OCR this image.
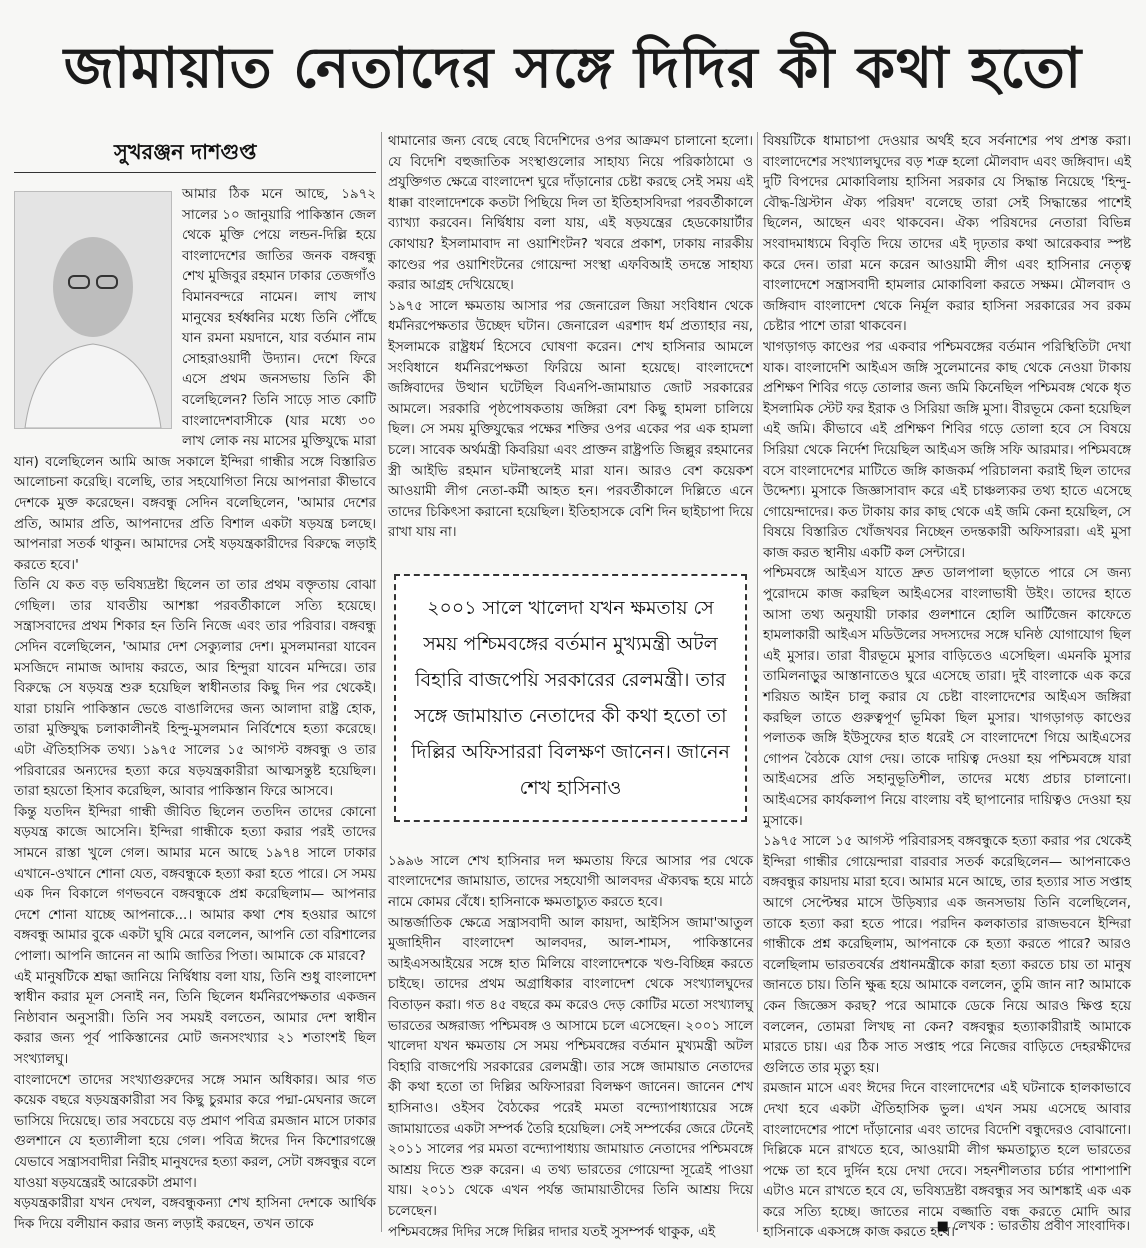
জামায়াত নেতাদের সঙ্গে দিদির কী কথা হতো
সুখরঞ্জন দাশগুপ্ত

আমার ঠিক মনে আছে, ১৯৭২ সালের ১০ জানুয়ারি পাকিস্তান জেল থেকে মুক্তি পেয়ে লন্ডন-দিল্লি হয়ে বাংলাদেশের জাতির জনক বঙ্গবন্ধু শেখ মুজিবুর রহমান ঢাকার তেজগাঁও বিমানবন্দরে নামেন। লাখ লাখ মানুষের হর্ষধ্বনির মধ্যে তিনি পৌঁছে যান রমনা ময়দানে, যার বর্তমান নাম সোহরাওয়ার্দী উদ্যান। দেশে ফিরে এসে প্রথম জনসভায় তিনি কী বলেছিলেন? তিনি সাড়ে সাত কোটি বাংলাদেশবাসীকে (যার মধ্যে ৩০ লাখ লোক নয় মাসের মুক্তিযুদ্ধে মারা যান) বলেছিলেন আমি আজ সকালে ইন্দিরা গান্ধীর সঙ্গে বিস্তারিত আলোচনা করেছি। বলেছি, তার সহযোগিতা নিয়ে আপনারা কীভাবে দেশকে মুক্ত করেছেন। বঙ্গবন্ধু সেদিন বলেছিলেন, 'আমার দেশের প্রতি, আমার প্রতি, আপনাদের প্রতি বিশাল একটা ষড়যন্ত্র চলছে। আপনারা সতর্ক থাকুন। আমাদের সেই ষড়যন্ত্রকারীদের বিরুদ্ধে লড়াই করতে হবে।'

তিনি যে কত বড় ভবিষ্যদ্রষ্টা ছিলেন তা তার প্রথম বক্তৃতায় বোঝা গেছিল। তার যাবতীয় আশঙ্কা পরবর্তীকালে সত্যি হয়েছে। সন্ত্রাসবাদের প্রথম শিকার হন তিনি নিজে এবং তার পরিবার। বঙ্গবন্ধু সেদিন বলেছিলেন, 'আমার দেশ সেক্যুলার দেশ। মুসলমানরা যাবেন মসজিদে নামাজ আদায় করতে, আর হিন্দুরা যাবেন মন্দিরে। তার বিরুদ্ধে সে ষড়যন্ত্র শুরু হয়েছিল স্বাধীনতার কিছু দিন পর থেকেই। যারা চায়নি পাকিস্তান ভেঙে বাঙালিদের জন্য আলাদা রাষ্ট্র হোক, তারা মুক্তিযুদ্ধ চলাকালীনই হিন্দু-মুসলমান নির্বিশেষে হত্যা করেছে। এটা ঐতিহাসিক তথ্য। ১৯৭৫ সালের ১৫ আগস্ট বঙ্গবন্ধু ও তার পরিবারের অন্যদের হত্যা করে ষড়যন্ত্রকারীরা আত্মসন্তুষ্ট হয়েছিল। তারা হয়তো হিসাব করেছিল, আবার পাকিস্তান ফিরে আসবে।

কিন্তু যতদিন ইন্দিরা গান্ধী জীবিত ছিলেন ততদিন তাদের কোনো ষড়যন্ত্র কাজে আসেনি। ইন্দিরা গান্ধীকে হত্যা করার পরই তাদের সামনে রাস্তা খুলে গেল। আমার মনে আছে ১৯৭৪ সালে ঢাকার এখানে-ওখানে শোনা যেত, বঙ্গবন্ধুকে হত্যা করা হতে পারে। সে সময় এক দিন বিকালে গণভবনে বঙ্গবন্ধুকে প্রশ্ন করেছিলাম— আপনার দেশে শোনা যাচ্ছে আপনাকে...। আমার কথা শেষ হওয়ার আগে বঙ্গবন্ধু আমার বুকে একটা ঘুষি মেরে বললেন, আপনি তো বরিশালের পোলা। আপনি জানেন না আমি জাতির পিতা। আমাকে কে মারবে?

এই মানুষটিকে শ্রদ্ধা জানিয়ে নির্দ্বিধায় বলা যায়, তিনি শুধু বাংলাদেশ স্বাধীন করার মূল সেনাই নন, তিনি ছিলেন ধর্মনিরপেক্ষতার একজন নিষ্ঠাবান অনুসারী। তিনি সব সময়ই বলতেন, আমার দেশ স্বাধীন করার জন্য পূর্ব পাকিস্তানের মোট জনসংখ্যার ২১ শতাংশই ছিল সংখ্যালঘু।

বাংলাদেশে তাদের সংখ্যাগুরুদের সঙ্গে সমান অধিকার। আর গত কয়েক বছরে ষড়যন্ত্রকারীরা সব কিছু চুরমার করে পদ্মা-মেঘনার জলে ভাসিয়ে দিয়েছে। তার সবচেয়ে বড় প্রমাণ পবিত্র রমজান মাসে ঢাকার গুলশানে যে হত্যালীলা হয়ে গেল। পবিত্র ঈদের দিন কিশোরগঞ্জে যেভাবে সন্ত্রাসবাদীরা নিরীহ মানুষদের হত্যা করল, সেটা বঙ্গবন্ধুর বলে যাওয়া ষড়যন্ত্রেরই আরেকটা প্রমাণ।

ষড়যন্ত্রকারীরা যখন দেখল, বঙ্গবন্ধুকন্যা শেখ হাসিনা দেশকে আর্থিক দিক দিয়ে বলীয়ান করার জন্য লড়াই করছেন, তখন তাকে

থামানোর জন্য বেছে বেছে বিদেশিদের ওপর আক্রমণ চালানো হলো। যে বিদেশি বহুজাতিক সংস্থাগুলোর সাহায্য নিয়ে পরিকাঠামো ও প্রযুক্তিগত ক্ষেত্রে বাংলাদেশ ঘুরে দাঁড়ানোর চেষ্টা করছে সেই সময় এই ধাক্কা বাংলাদেশকে কতটা পিছিয়ে দিল তা ইতিহাসবিদরা পরবর্তীকালে ব্যাখ্যা করবেন। নির্দ্বিধায় বলা যায়, এই ষড়যন্ত্রের হেডকোয়ার্টার কোথায়? ইসলামাবাদ না ওয়াশিংটন? খবরে প্রকাশ, ঢাকায় নারকীয় কাণ্ডের পর ওয়াশিংটনের গোয়েন্দা সংস্থা এফবিআই তদন্তে সাহায্য করার আগ্রহ দেখিয়েছে।

১৯৭৫ সালে ক্ষমতায় আসার পর জেনারেল জিয়া সংবিধান থেকে ধর্মনিরপেক্ষতার উচ্ছেদ ঘটান। জেনারেল এরশাদ ধর্ম প্রত্যাহার নয়, ইসলামকে রাষ্ট্রধর্ম হিসেবে ঘোষণা করেন। শেখ হাসিনার আমলে সংবিধানে ধর্মনিরপেক্ষতা ফিরিয়ে আনা হয়েছে। বাংলাদেশে জঙ্গিবাদের উত্থান ঘটেছিল বিএনপি-জামায়াত জোট সরকারের আমলে। সরকারি পৃষ্ঠপোষকতায় জঙ্গিরা বেশ কিছু হামলা চালিয়ে ছিল। সে সময় মুক্তিযুদ্ধের পক্ষের শক্তির ওপর একের পর এক হামলা চলে। সাবেক অর্থমন্ত্রী কিবরিয়া এবং প্রাক্তন রাষ্ট্রপতি জিল্লুর রহমানের স্ত্রী আইভি রহমান ঘটনাস্থলেই মারা যান। আরও বেশ কয়েকশ আওয়ামী লীগ নেতা-কর্মী আহত হন। পরবর্তীকালে দিল্লিতে এনে তাদের চিকিৎসা করানো হয়েছিল। ইতিহাসকে বেশি দিন ছাইচাপা দিয়ে রাখা যায় না।

২০০১ সালে খালেদা যখন ক্ষমতায় সে সময় পশ্চিমবঙ্গের বর্তমান মুখ্যমন্ত্রী অটল বিহারি বাজপেয়ি সরকারের রেলমন্ত্রী। তার সঙ্গে জামায়াত নেতাদের কী কথা হতো তা দিল্লির অফিসাররা বিলক্ষণ জানেন। জানেন শেখ হাসিনাও

১৯৯৬ সালে শেখ হাসিনার দল ক্ষমতায় ফিরে আসার পর থেকে বাংলাদেশের জামায়াত, তাদের সহযোগী আলবদর ঐক্যবদ্ধ হয়ে মাঠে নামে কোমর বেঁধে। হাসিনাকে ক্ষমতাচ্যুত করতে হবে।

আন্তর্জাতিক ক্ষেত্রে সন্ত্রাসবাদী আল কায়দা, আইসিস জামা'আতুল মুজাহিদীন বাংলাদেশ আলবদর, আল-শামস, পাকিস্তানের আইএসআইয়ের সঙ্গে হাত মিলিয়ে বাংলাদেশকে খণ্ড-বিচ্ছিন্ন করতে চাইছে। তাদের প্রথম অগ্রাধিকার বাংলাদেশ থেকে সংখ্যালঘুদের বিতাড়ন করা। গত ৪৫ বছরে কম করেও দেড় কোটির মতো সংখ্যালঘু ভারতের অঙ্গরাজ্য পশ্চিমবঙ্গ ও আসামে চলে এসেছেন। ২০০১ সালে খালেদা যখন ক্ষমতায় সে সময় পশ্চিমবঙ্গের বর্তমান মুখ্যমন্ত্রী অটল বিহারি বাজপেয়ি সরকারের রেলমন্ত্রী। তার সঙ্গে জামায়াত নেতাদের কী কথা হতো তা দিল্লির অফিসাররা বিলক্ষণ জানেন। জানেন শেখ হাসিনাও। ওইসব বৈঠকের পরেই মমতা বন্দ্যোপাধ্যায়ের সঙ্গে জামায়াতের একটা সম্পর্ক তৈরি হয়েছিল। সেই সম্পর্কের জেরে টেনেই ২০১১ সালের পর মমতা বন্দ্যোপাধ্যায় জামায়াত নেতাদের পশ্চিমবঙ্গে আশ্রয় দিতে শুরু করেন। এ তথ্য ভারতের গোয়েন্দা সূত্রেই পাওয়া যায়। ২০১১ থেকে এখন পর্যন্ত জামায়াতীদের তিনি আশ্রয় দিয়ে চলেছেন।

পশ্চিমবঙ্গের দিদির সঙ্গে দিল্লির দাদার যতই সুসম্পর্ক থাকুক, এই

বিষয়টিকে ধামাচাপা দেওয়ার অর্থই হবে সর্বনাশের পথ প্রশস্ত করা। বাংলাদেশের সংখ্যালঘুদের বড় শত্রু হলো মৌলবাদ এবং জঙ্গিবাদ। এই দুটি বিপদের মোকাবিলায় হাসিনা সরকার যে সিদ্ধান্ত নিয়েছে 'হিন্দু-বৌদ্ধ-খ্রিস্টান ঐক্য পরিষদ' বলেছে তারা সেই সিদ্ধান্তের পাশেই ছিলেন, আছেন এবং থাকবেন। ঐক্য পরিষদের নেতারা বিভিন্ন সংবাদমাধ্যমে বিবৃতি দিয়ে তাদের এই দৃঢ়তার কথা আরেকবার স্পষ্ট করে দেন। তারা মনে করেন আওয়ামী লীগ এবং হাসিনার নেতৃত্ব বাংলাদেশে সন্ত্রাসবাদী হামলার মোকাবিলা করতে সক্ষম। মৌলবাদ ও জঙ্গিবাদ বাংলাদেশ থেকে নির্মূল করার হাসিনা সরকারের সব রকম চেষ্টার পাশে তারা থাকবেন।

খাগড়াগড় কাণ্ডের পর একবার পশ্চিমবঙ্গের বর্তমান পরিস্থিতিটা দেখা যাক। বাংলাদেশি আইএস জঙ্গি সুলেমানের কাছ থেকে নেওয়া টাকায় প্রশিক্ষণ শিবির গড়ে তোলার জন্য জমি কিনেছিল পশ্চিমবঙ্গ থেকে ধৃত ইসলামিক স্টেট ফর ইরাক ও সিরিয়া জঙ্গি মুসা। বীরভূমে কেনা হয়েছিল এই জমি। কীভাবে এই প্রশিক্ষণ শিবির গড়ে তোলা হবে সে বিষয়ে সিরিয়া থেকে নির্দেশ দিয়েছিল আইএস জঙ্গি সফি আরমার। পশ্চিমবঙ্গে বসে বাংলাদেশের মাটিতে জঙ্গি কাজকর্ম পরিচালনা করাই ছিল তাদের উদ্দেশ্য। মুসাকে জিজ্ঞাসাবাদ করে এই চাঞ্চল্যকর তথ্য হাতে এসেছে গোয়েন্দাদের। কত টাকায় কার কাছ থেকে এই জমি কেনা হয়েছিল, সে বিষয়ে বিস্তারিত খোঁজখবর নিচ্ছেন তদন্তকারী অফিসাররা। এই মুসা কাজ করত স্থানীয় একটি কল সেন্টারে।

পশ্চিমবঙ্গে আইএস যাতে দ্রুত ডালপালা ছড়াতে পারে সে জন্য পুরোদমে কাজ করছিল আইএসের বাংলাভাষী উইং। তাদের হাতে আসা তথ্য অনুযায়ী ঢাকার গুলশানে হোলি আর্টিজেন কাফেতে হামলাকারী আইএস মডিউলের সদস্যদের সঙ্গে ঘনিষ্ঠ যোগাযোগ ছিল এই মুসার। তারা বীরভূমে মুসার বাড়িতেও এসেছিল। এমনকি মুসার তামিলনাড়ুর আস্তানাতেও ঘুরে এসেছে তারা। দুই বাংলাকে এক করে শরিয়ত আইন চালু করার যে চেষ্টা বাংলাদেশের আইএস জঙ্গিরা করছিল তাতে গুরুত্বপূর্ণ ভূমিকা ছিল মুসার। খাগড়াগড় কাণ্ডের পলাতক জঙ্গি ইউসুফের হাত ধরেই সে বাংলাদেশে গিয়ে আইএসের গোপন বৈঠকে যোগ দেয়। তাকে দায়িত্ব দেওয়া হয় পশ্চিমবঙ্গে যারা আইএসের প্রতি সহানুভূতিশীল, তাদের মধ্যে প্রচার চালানো। আইএসের কার্যকলাপ নিয়ে বাংলায় বই ছাপানোর দায়িত্বও দেওয়া হয় মুসাকে।

১৯৭৫ সালে ১৫ আগস্ট পরিবারসহ বঙ্গবন্ধুকে হত্যা করার পর থেকেই ইন্দিরা গান্ধীর গোয়েন্দারা বারবার সতর্ক করেছিলেন— আপনাকেও বঙ্গবন্ধুর কায়দায় মারা হবে। আমার মনে আছে, তার হত্যার সাত সপ্তাহ আগে সেপ্টেম্বর মাসে উড়িষ্যার এক জনসভায় তিনি বলেছিলেন, তাকে হত্যা করা হতে পারে। পরদিন কলকাতার রাজভবনে ইন্দিরা গান্ধীকে প্রশ্ন করেছিলাম, আপনাকে কে হত্যা করতে পারে? আরও বলেছিলাম ভারতবর্ষের প্রধানমন্ত্রীকে কারা হত্যা করতে চায় তা মানুষ জানতে চায়। তিনি ক্ষুব্ধ হয়ে আমাকে বললেন, তুমি জান না? আমাকে কেন জিজ্ঞেস করছ? পরে আমাকে ডেকে নিয়ে আরও ক্ষিপ্ত হয়ে বললেন, তোমরা লিখছ না কেন? বঙ্গবন্ধুর হত্যাকারীরাই আমাকে মারতে চায়। এর ঠিক সাত সপ্তাহ পরে নিজের বাড়িতে দেহরক্ষীদের গুলিতে তার মৃত্যু হয়।

রমজান মাসে এবং ঈদের দিনে বাংলাদেশের এই ঘটনাকে হালকাভাবে দেখা হবে একটা ঐতিহাসিক ভুল। এখন সময় এসেছে আবার বাংলাদেশের পাশে দাঁড়ানোর এবং তাদের বিদেশি বন্ধুদেরও বোঝানো। দিল্লিকে মনে রাখতে হবে, আওয়ামী লীগ ক্ষমতাচ্যুত হলে ভারতের পক্ষে তা হবে দুর্দিন হয়ে দেখা দেবে। সহনশীলতার চর্চার পাশাপাশি এটাও মনে রাখতে হবে যে, ভবিষ্যদ্রষ্টা বঙ্গবন্ধুর সব আশঙ্কাই এক এক করে সত্যি হচ্ছে। জাতের নামে বজ্জাতি বন্ধ করতে মোদি আর হাসিনাকে একসঙ্গে কাজ করতে হবে।

■ লেখক : ভারতীয় প্রবীণ সাংবাদিক।
